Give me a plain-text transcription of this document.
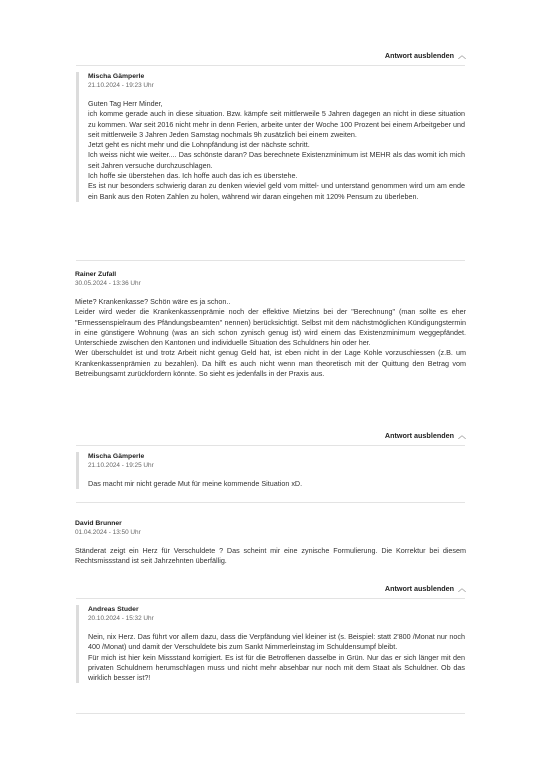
Antwort ausblenden ︿
Mischa Gämperle
21.10.2024 - 19:23 Uhr

Guten Tag Herr Minder,

ich komme gerade auch in diese situation. Bzw. kämpfe seit mittlerweile 5 Jahren dagegen an nicht in diese situation zu kommen. War seit 2016 nicht mehr in denn Ferien, arbeite unter der Woche 100 Prozent bei einem Arbeitgeber und seit mittlerweile 3 Jahren Jeden Samstag nochmals 9h zusätzlich bei einem zweiten.

Jetzt geht es nicht mehr und die Lohnpfändung ist der nächste schritt.

Ich weiss nicht wie weiter.... Das schönste daran? Das berechnete Existenzminimum ist MEHR als das womit ich mich seit Jahren versuche durchzuschlagen.

Ich hoffe sie überstehen das. Ich hoffe auch das ich es überstehe.

Es ist nur besonders schwierig daran zu denken wieviel geld vom mittel- und unterstand genommen wird um am ende ein Bank aus den Roten Zahlen zu holen, während wir daran eingehen mit 120% Pensum zu überleben.

Rainer Zufall
30.05.2024 - 13:36 Uhr

Miete? Krankenkasse? Schön wäre es ja schon..

Leider wird weder die Krankenkassenprämie noch der effektive Mietzins bei der "Berechnung" (man sollte es eher "Ermessenspielraum des Pfändungsbeamten" nennen) berücksichtigt. Selbst mit dem nächstmöglichen Kündigungstermin in eine günstigere Wohnung (was an sich schon zynisch genug ist) wird einem das Existenzminimum weggepfändet. Unterschiede zwischen den Kantonen und individuelle Situation des Schuldners hin oder her.

Wer überschuldet ist und trotz Arbeit nicht genug Geld hat, ist eben nicht in der Lage Kohle vorzuschiessen (z.B. um Krankenkassenprämien zu bezahlen). Da hilft es auch nicht wenn man theoretisch mit der Quittung den Betrag vom Betreibungsamt zurückfordern könnte. So sieht es jedenfalls in der Praxis aus.

Antwort ausblenden ︿
Mischa Gämperle
21.10.2024 - 19:25 Uhr

Das macht mir nicht gerade Mut für meine kommende Situation xD.

David Brunner
01.04.2024 - 13:50 Uhr

Ständerat zeigt ein Herz für Verschuldete ? Das scheint mir eine zynische Formulierung. Die Korrektur bei diesem Rechtsmissstand ist seit Jahrzehnten überfällig.

Antwort ausblenden ︿
Andreas Studer
20.10.2024 - 15:32 Uhr

Nein, nix Herz. Das führt vor allem dazu, dass die Verpfändung viel kleiner ist (s. Beispiel: statt 2'800 /Monat nur noch 400 /Monat) und damit der Verschuldete bis zum Sankt Nimmerleinstag im Schuldensumpf bleibt.

Für mich ist hier kein Missstand korrigiert. Es ist für die Betroffenen dasselbe in Grün. Nur das er sich länger mit den privaten Schuldnern herumschlagen muss und nicht mehr absehbar nur noch mit dem Staat als Schuldner. Ob das wirklich besser ist?!
